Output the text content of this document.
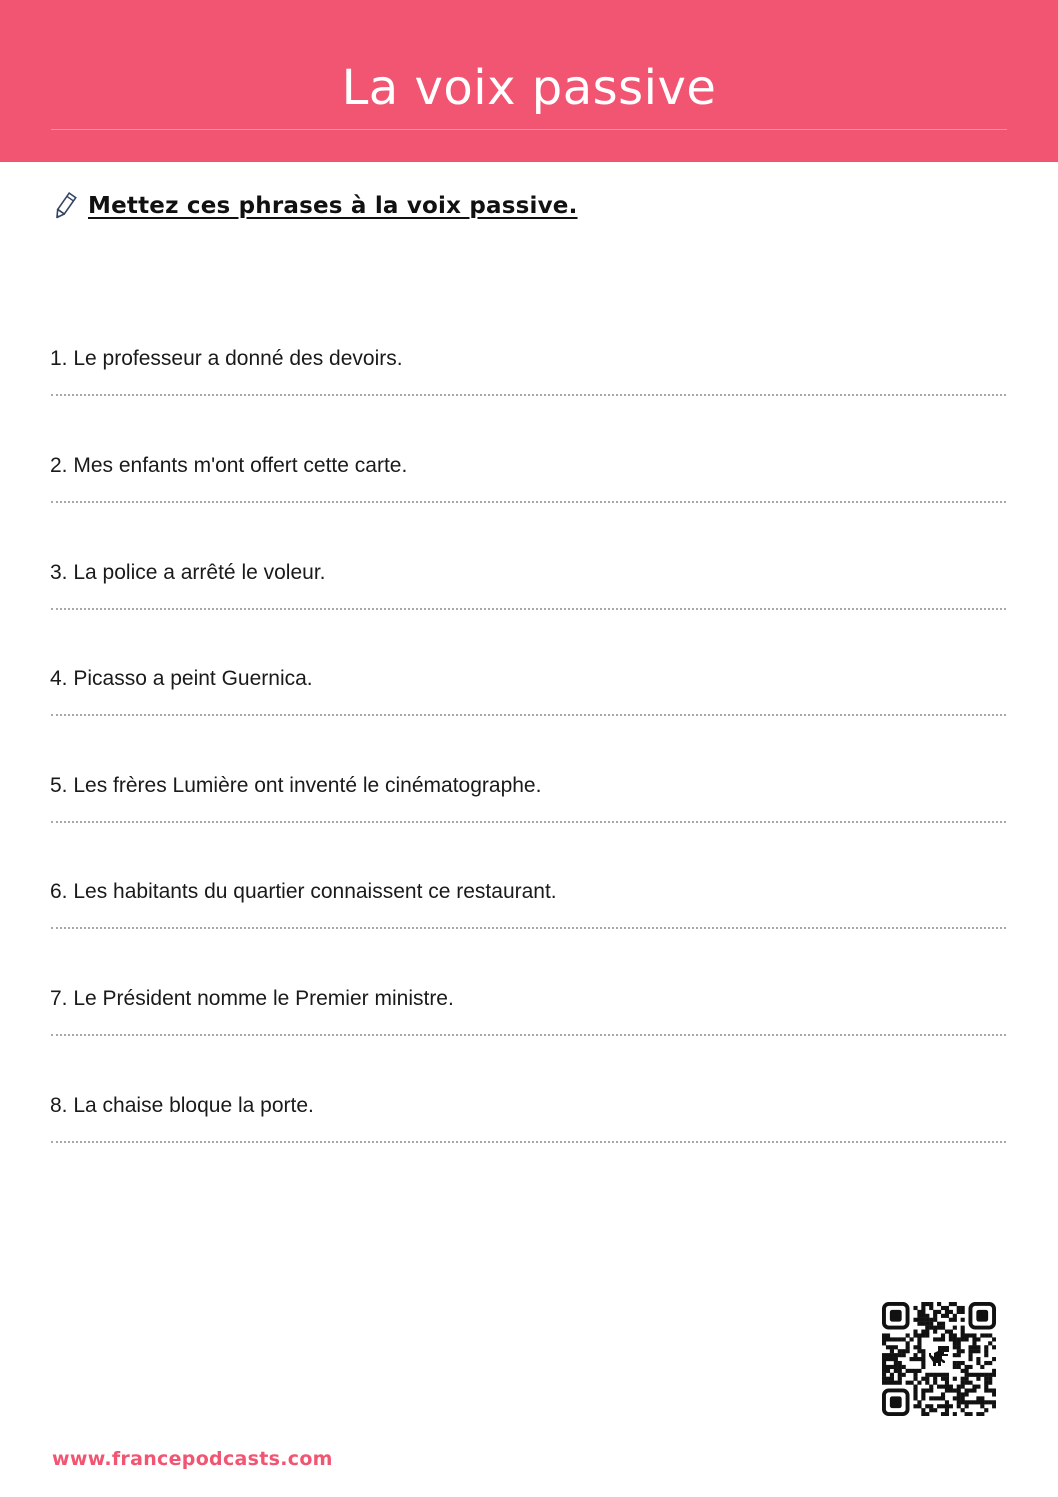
La voix passive
Mettez ces phrases à la voix passive.
1. Le professeur a donné des devoirs.
2. Mes enfants m'ont offert cette carte.
3. La police a arrêté le voleur.
4. Picasso a peint Guernica.
5. Les frères Lumière ont inventé le cinématographe.
6. Les habitants du quartier connaissent ce restaurant.
7. Le Président nomme le Premier ministre.
8. La chaise bloque la porte.
www.francepodcasts.com
